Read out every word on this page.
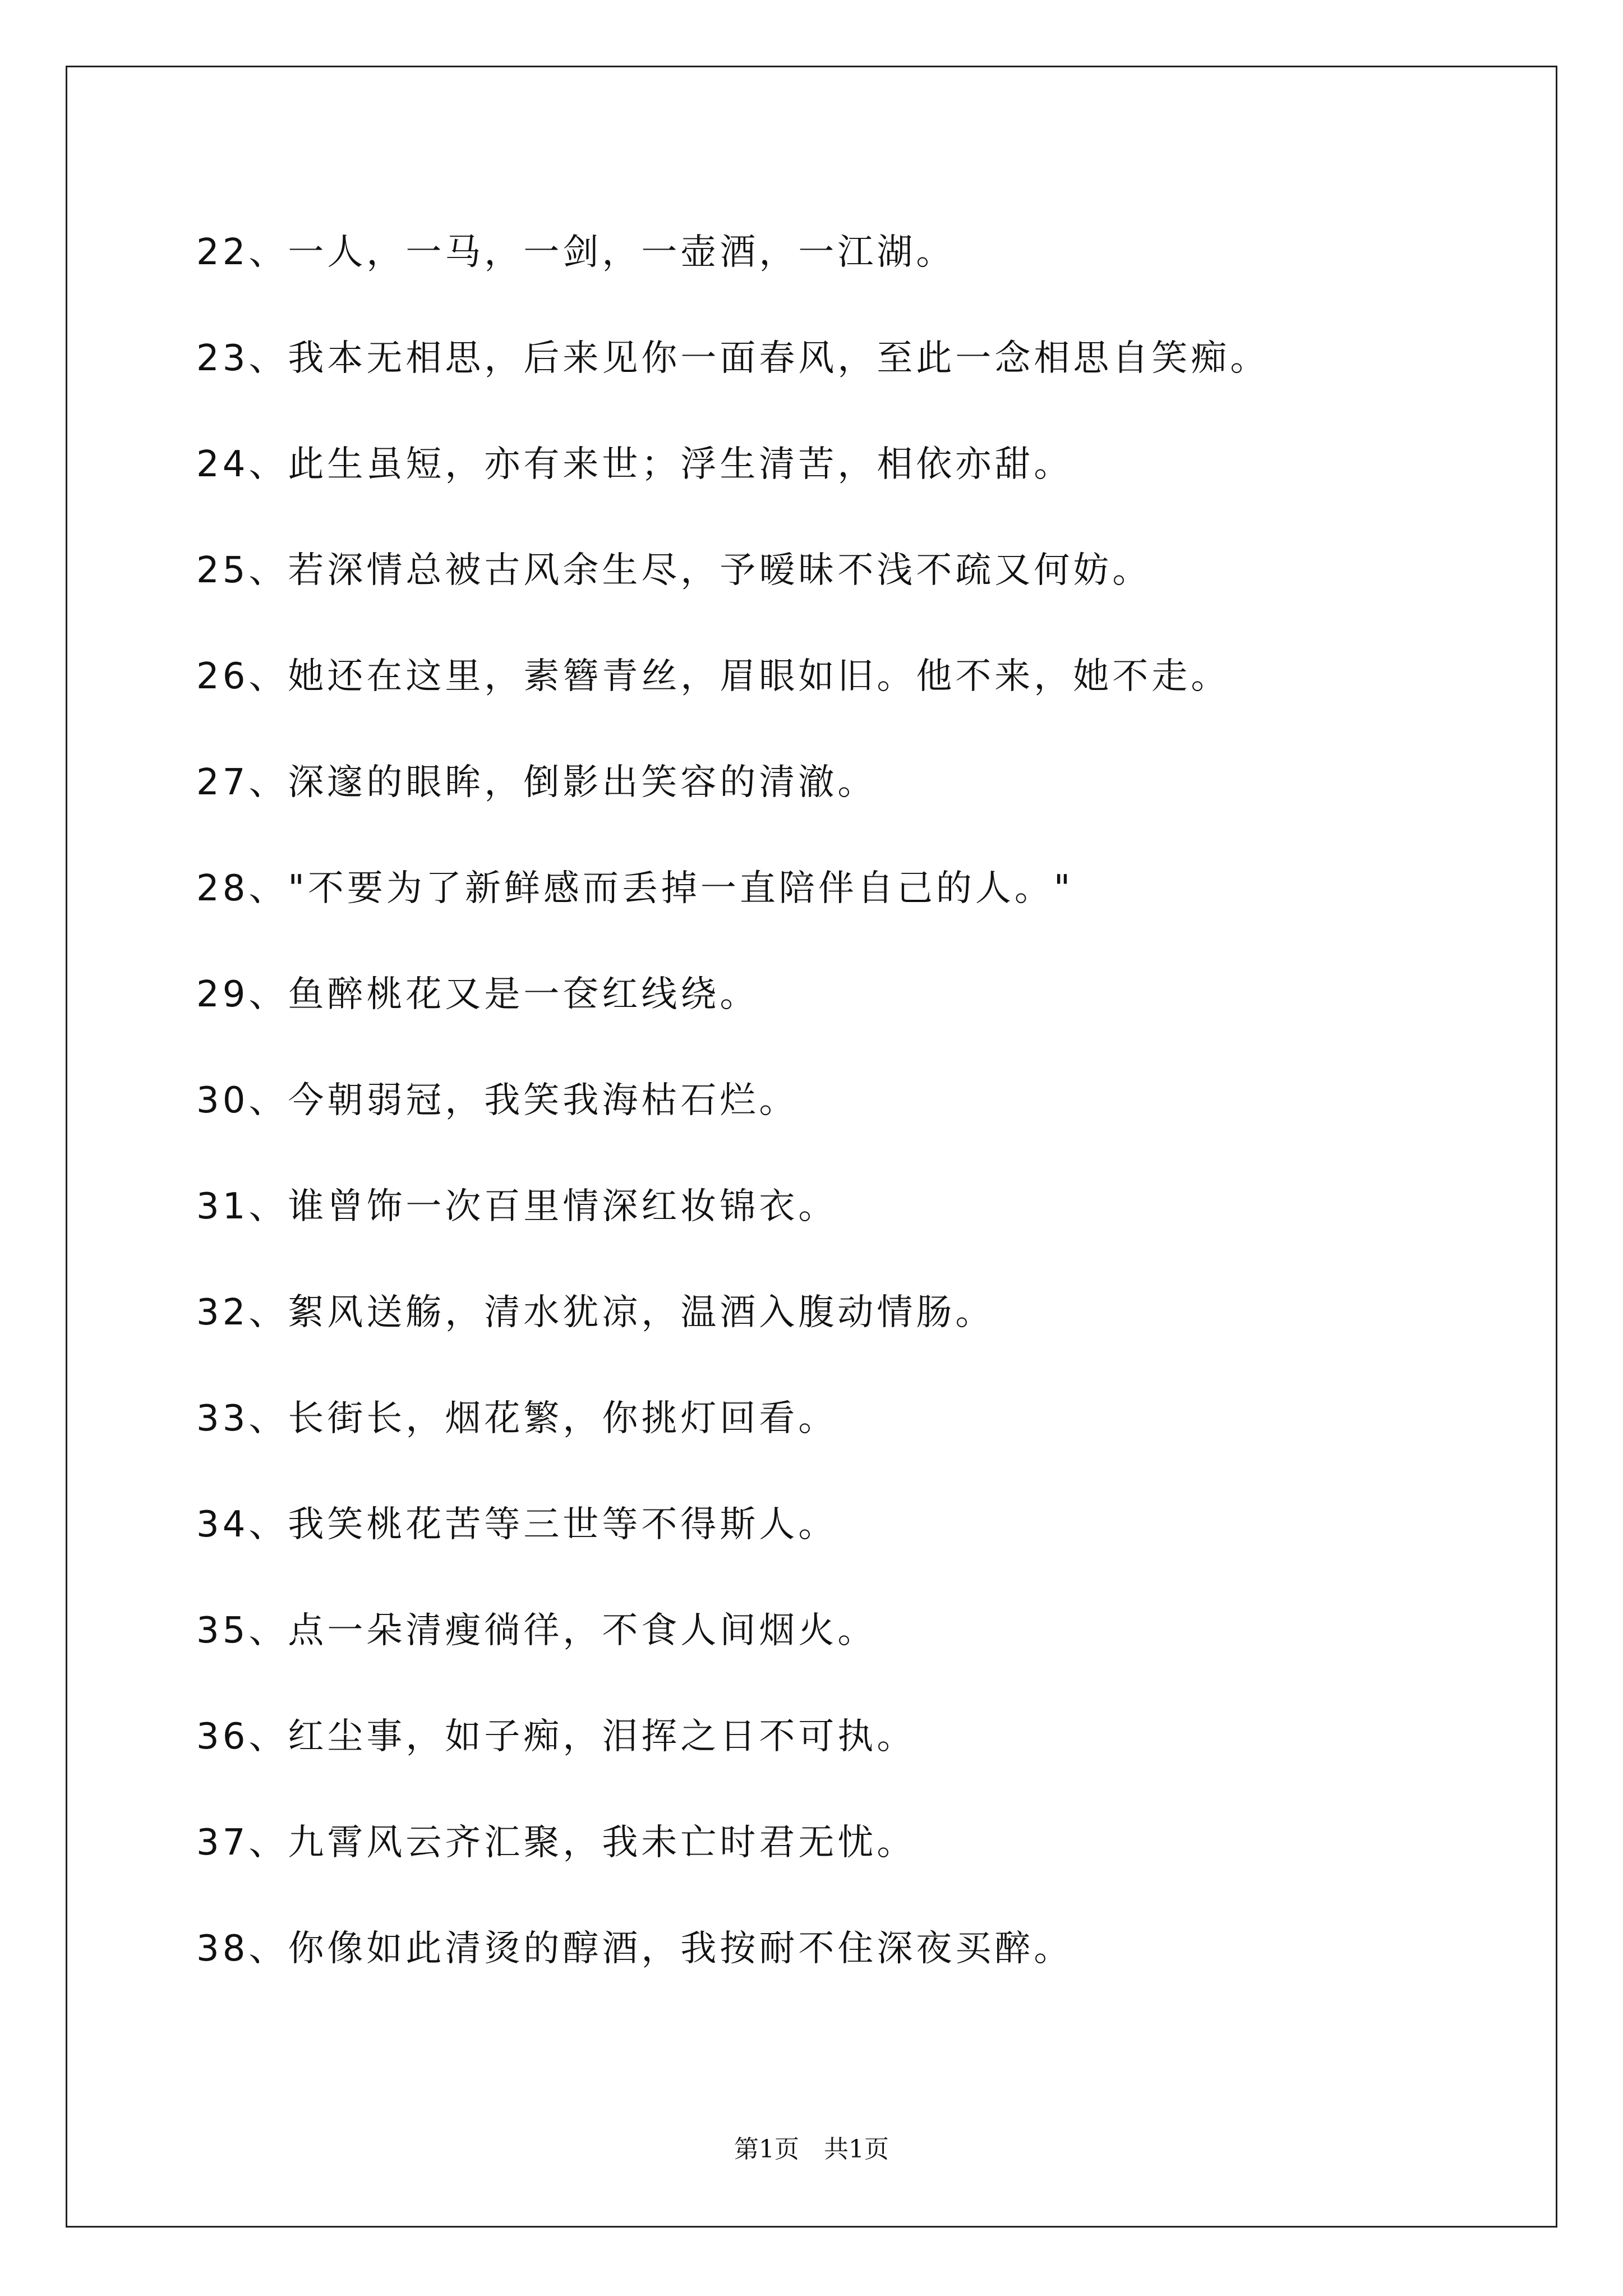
22、一人，一马，一剑，一壶酒，一江湖。
23、我本无相思，后来见你一面春风，至此一念相思自笑痴。
24、此生虽短，亦有来世；浮生清苦，相依亦甜。
25、若深情总被古风余生尽，予暧昧不浅不疏又何妨。
26、她还在这里，素簪青丝，眉眼如旧。他不来，她不走。
27、深邃的眼眸，倒影出笑容的清澈。
28、"不要为了新鲜感而丢掉一直陪伴自己的人。"
29、鱼醉桃花又是一奁红线绕。
30、今朝弱冠，我笑我海枯石烂。
31、谁曾饰一次百里情深红妆锦衣。
32、絮风送觞，清水犹凉，温酒入腹动情肠。
33、长街长，烟花繁，你挑灯回看。
34、我笑桃花苦等三世等不得斯人。
35、点一朵清瘦徜徉，不食人间烟火。
36、红尘事，如子痴，泪挥之日不可执。
37、九霄风云齐汇聚，我未亡时君无忧。
38、你像如此清烫的醇酒，我按耐不住深夜买醉。
第1页　共1页
